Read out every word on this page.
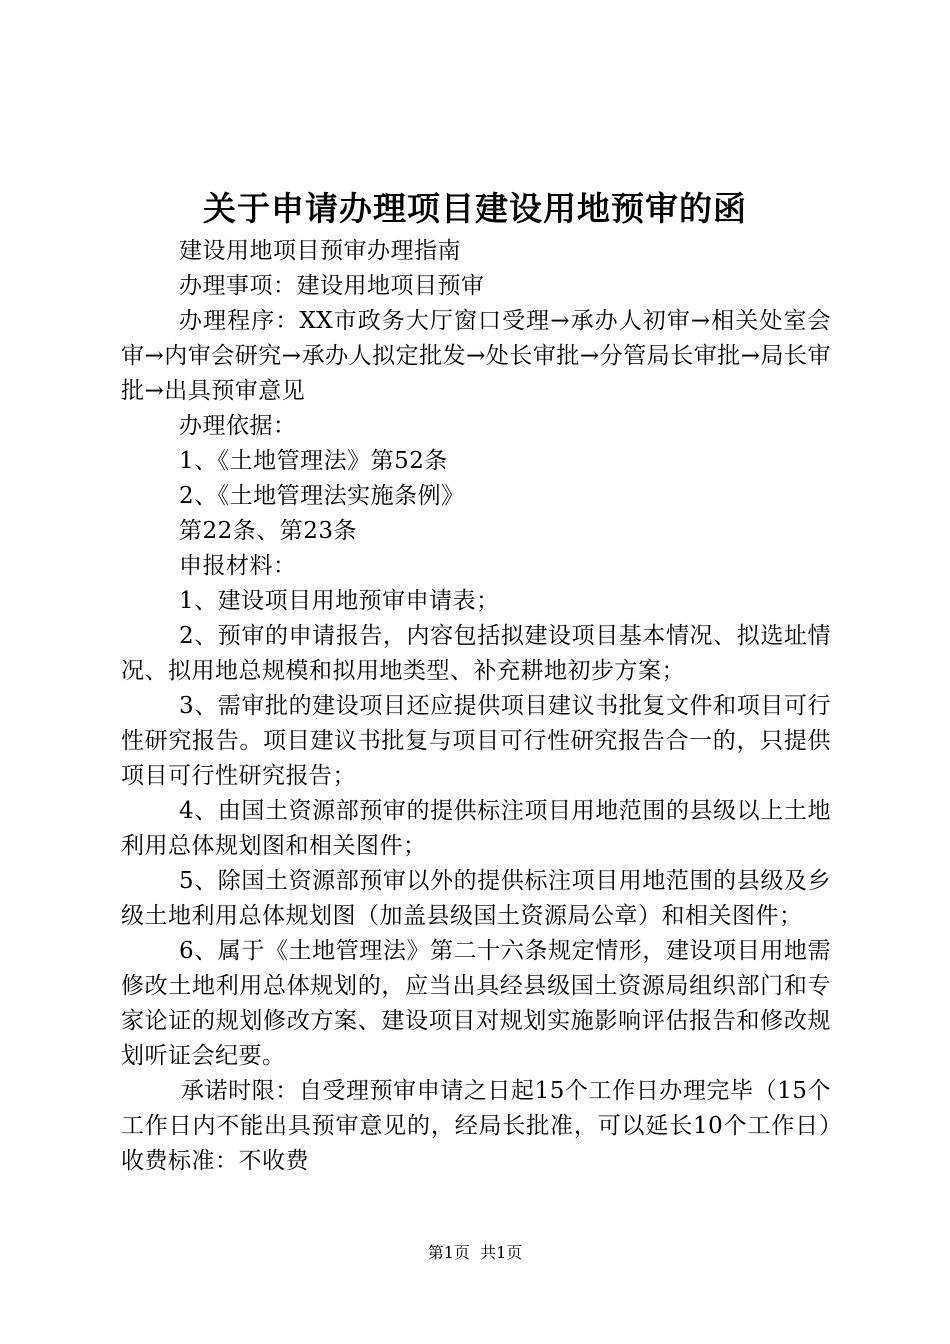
关于申请办理项目建设用地预审的函

建设用地项目预审办理指南

办理事项：建设用地项目预审

办理程序：XX市政务大厅窗口受理→承办人初审→相关处室会审→内审会研究→承办人拟定批发→处长审批→分管局长审批→局长审批→出具预审意见

办理依据：

1、《土地管理法》第52条

2、《土地管理法实施条例》

第22条、第23条

申报材料：

1、建设项目用地预审申请表；

2、预审的申请报告，内容包括拟建设项目基本情况、拟选址情况、拟用地总规模和拟用地类型、补充耕地初步方案；

3、需审批的建设项目还应提供项目建议书批复文件和项目可行性研究报告。项目建议书批复与项目可行性研究报告合一的，只提供项目可行性研究报告；

4、由国土资源部预审的提供标注项目用地范围的县级以上土地利用总体规划图和相关图件；

5、除国土资源部预审以外的提供标注项目用地范围的县级及乡级土地利用总体规划图（加盖县级国土资源局公章）和相关图件；

6、属于《土地管理法》第二十六条规定情形，建设项目用地需修改土地利用总体规划的，应当出具经县级国土资源局组织部门和专家论证的规划修改方案、建设项目对规划实施影响评估报告和修改规划听证会纪要。

承诺时限：自受理预审申请之日起15个工作日办理完毕（15个工作日内不能出具预审意见的，经局长批准，可以延长10个工作日）收费标准：不收费

第1页  共1页
